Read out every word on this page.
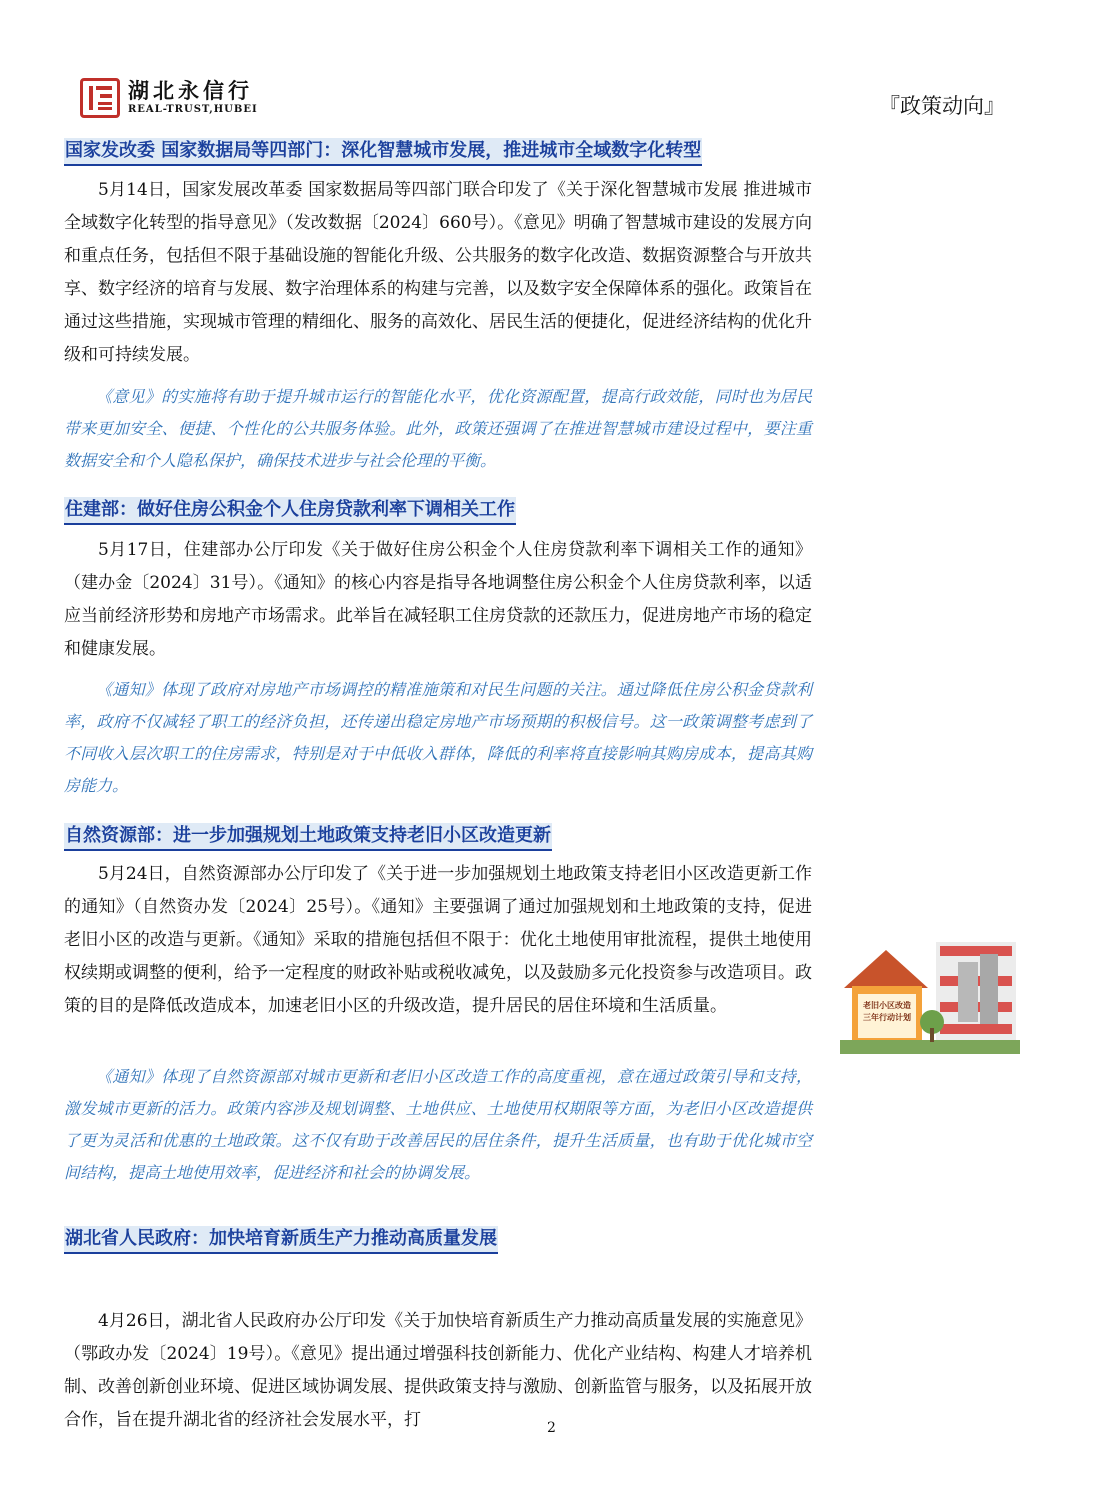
湖北永信行
REAL-TRUST,HUBEI	『政策动向』
国家发改委 国家数据局等四部门：深化智慧城市发展，推进城市全域数字化转型
5月14日，国家发展改革委 国家数据局等四部门联合印发了《关于深化智慧城市发展 推进城市全域数字化转型的指导意见》（发改数据〔2024〕660号）。《意见》明确了智慧城市建设的发展方向和重点任务，包括但不限于基础设施的智能化升级、公共服务的数字化改造、数据资源整合与开放共享、数字经济的培育与发展、数字治理体系的构建与完善，以及数字安全保障体系的强化。政策旨在通过这些措施，实现城市管理的精细化、服务的高效化、居民生活的便捷化，促进经济结构的优化升级和可持续发展。
《意见》的实施将有助于提升城市运行的智能化水平，优化资源配置，提高行政效能，同时也为居民带来更加安全、便捷、个性化的公共服务体验。此外，政策还强调了在推进智慧城市建设过程中，要注重数据安全和个人隐私保护，确保技术进步与社会伦理的平衡。
住建部：做好住房公积金个人住房贷款利率下调相关工作
5月17日，住建部办公厅印发《关于做好住房公积金个人住房贷款利率下调相关工作的通知》（建办金〔2024〕31号）。《通知》的核心内容是指导各地调整住房公积金个人住房贷款利率，以适应当前经济形势和房地产市场需求。此举旨在减轻职工住房贷款的还款压力，促进房地产市场的稳定和健康发展。
《通知》体现了政府对房地产市场调控的精准施策和对民生问题的关注。通过降低住房公积金贷款利率，政府不仅减轻了职工的经济负担，还传递出稳定房地产市场预期的积极信号。这一政策调整考虑到了不同收入层次职工的住房需求，特别是对于中低收入群体，降低的利率将直接影响其购房成本，提高其购房能力。
自然资源部：进一步加强规划土地政策支持老旧小区改造更新
5月24日，自然资源部办公厅印发了《关于进一步加强规划土地政策支持老旧小区改造更新工作的通知》（自然资办发〔2024〕25号）。《通知》主要强调了通过加强规划和土地政策的支持，促进老旧小区的改造与更新。《通知》采取的措施包括但不限于：优化土地使用审批流程，提供土地使用权续期或调整的便利，给予一定程度的财政补贴或税收减免，以及鼓励多元化投资参与改造项目。政策的目的是降低改造成本，加速老旧小区的升级改造，提升居民的居住环境和生活质量。
《通知》体现了自然资源部对城市更新和老旧小区改造工作的高度重视，意在通过政策引导和支持，激发城市更新的活力。政策内容涉及规划调整、土地供应、土地使用权期限等方面，为老旧小区改造提供了更为灵活和优惠的土地政策。这不仅有助于改善居民的居住条件，提升生活质量，也有助于优化城市空间结构，提高土地使用效率，促进经济和社会的协调发展。
湖北省人民政府：加快培育新质生产力推动高质量发展
4月26日，湖北省人民政府办公厅印发《关于加快培育新质生产力推动高质量发展的实施意见》（鄂政办发〔2024〕19号）。《意见》提出通过增强科技创新能力、优化产业结构、构建人才培养机制、改善创新创业环境、促进区域协调发展、提供政策支持与激励、创新监管与服务，以及拓展开放合作，旨在提升湖北省的经济社会发展水平，打
老旧小区改造
三年行动计划
2
